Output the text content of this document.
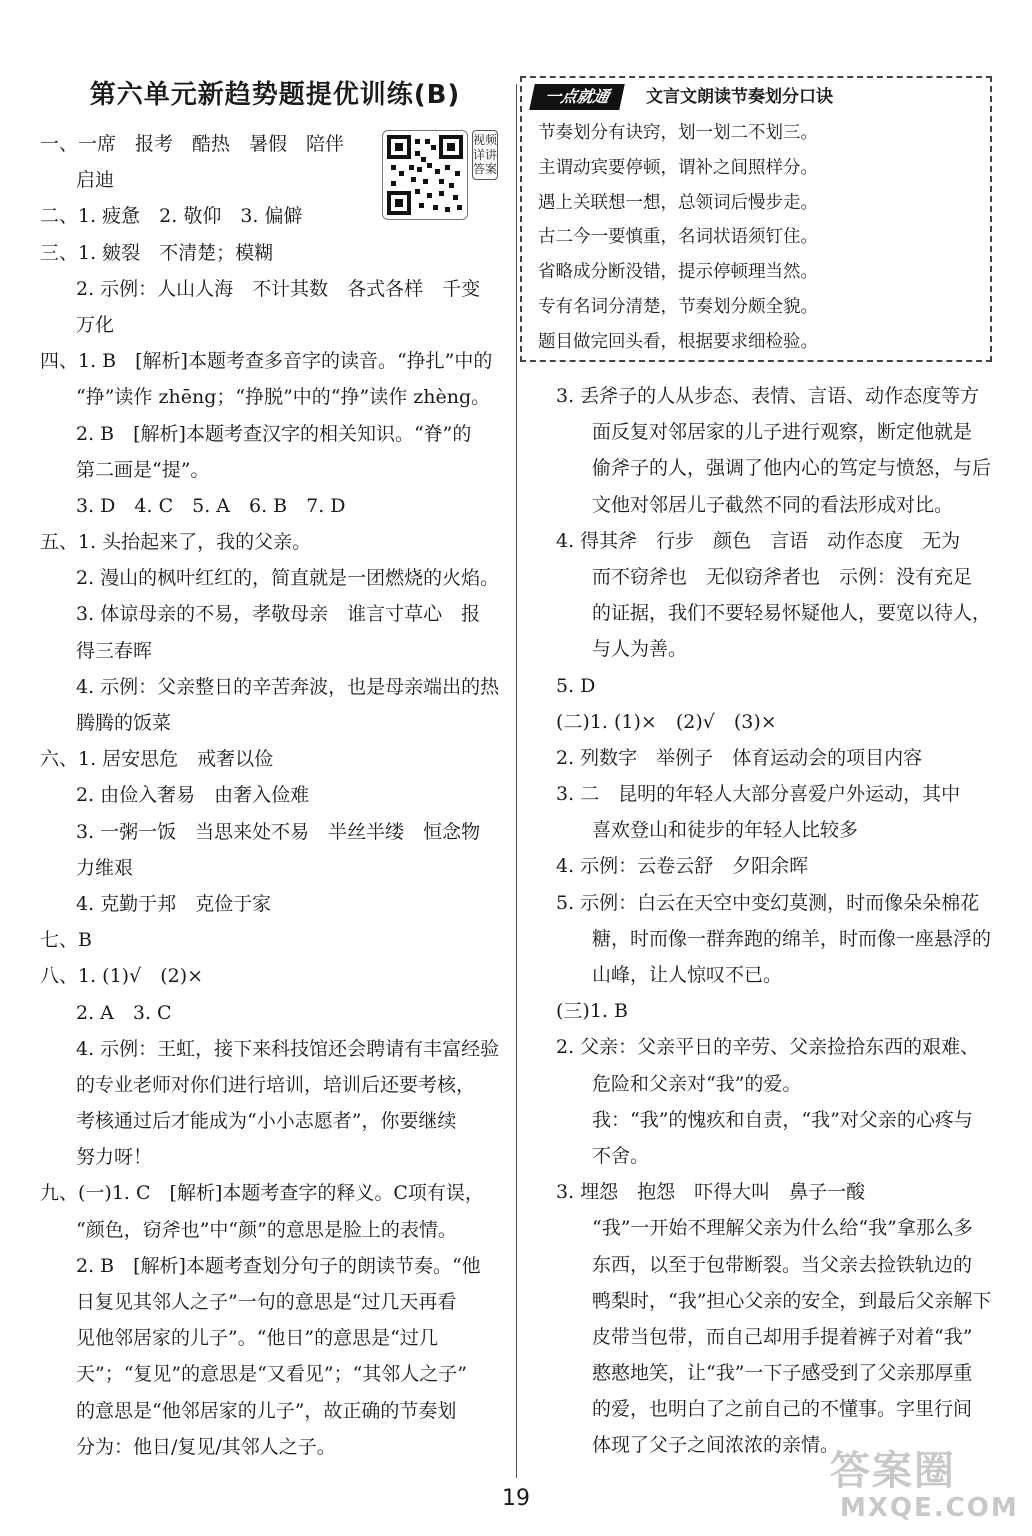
第六单元新趋势题提优训练(B)
视频详讲答案
一点就通	文言文朗读节奏划分口诀
节奏划分有诀窍，划一划二不划三。
主谓动宾要停顿，谓补之间照样分。
遇上关联想一想，总领词后慢步走。
古二今一要慎重，名词状语须钉住。
省略成分断没错，提示停顿理当然。
专有名词分清楚，节奏划分颇全貌。
题目做完回头看，根据要求细检验。
一、一席　报考　酷热　暑假　陪伴
启迪
二、1. 疲惫　2. 敬仰　3. 偏僻
三、1. 皴裂　不清楚；模糊
2. 示例：人山人海　不计其数　各式各样　千变
万化
四、1. B　[解析]本题考查多音字的读音。“挣扎”中的
“挣”读作 zhēng；“挣脱”中的“挣”读作 zhèng。
2. B　[解析]本题考查汉字的相关知识。“脊”的
第二画是“提”。
3. D　4. C　5. A　6. B　7. D
五、1. 头抬起来了，我的父亲。
2. 漫山的枫叶红红的，简直就是一团燃烧的火焰。
3. 体谅母亲的不易，孝敬母亲　谁言寸草心　报
得三春晖
4. 示例：父亲整日的辛苦奔波，也是母亲端出的热
腾腾的饭菜
六、1. 居安思危　戒奢以俭
2. 由俭入奢易　由奢入俭难
3. 一粥一饭　当思来处不易　半丝半缕　恒念物
力维艰
4. 克勤于邦　克俭于家
七、B
八、1. (1)√　(2)×
2. A　3. C
4. 示例：王虹，接下来科技馆还会聘请有丰富经验
的专业老师对你们进行培训，培训后还要考核，
考核通过后才能成为“小小志愿者”，你要继续
努力呀！
九、(一)1. C　[解析]本题考查字的释义。C项有误，
“颜色，窃斧也”中“颜”的意思是脸上的表情。
2. B　[解析]本题考查划分句子的朗读节奏。“他
日复见其邻人之子”一句的意思是“过几天再看
见他邻居家的儿子”。“他日”的意思是“过几
天”；“复见”的意思是“又看见”；“其邻人之子”
的意思是“他邻居家的儿子”，故正确的节奏划
分为：他日/复见/其邻人之子。
3. 丢斧子的人从步态、表情、言语、动作态度等方
面反复对邻居家的儿子进行观察，断定他就是
偷斧子的人，强调了他内心的笃定与愤怒，与后
文他对邻居儿子截然不同的看法形成对比。
4. 得其斧　行步　颜色　言语　动作态度　无为
而不窃斧也　无似窃斧者也　示例：没有充足
的证据，我们不要轻易怀疑他人，要宽以待人，
与人为善。
5. D
(二)1. (1)×　(2)√　(3)×
2. 列数字　举例子　体育运动会的项目内容
3. 二　昆明的年轻人大部分喜爱户外运动，其中
喜欢登山和徒步的年轻人比较多
4. 示例：云卷云舒　夕阳余晖
5. 示例：白云在天空中变幻莫测，时而像朵朵棉花
糖，时而像一群奔跑的绵羊，时而像一座悬浮的
山峰，让人惊叹不已。
(三)1. B
2. 父亲：父亲平日的辛劳、父亲捡拾东西的艰难、
危险和父亲对“我”的爱。
我：“我”的愧疚和自责，“我”对父亲的心疼与
不舍。
3. 埋怨　抱怨　吓得大叫　鼻子一酸
“我”一开始不理解父亲为什么给“我”拿那么多
东西，以至于包带断裂。当父亲去捡铁轨边的
鸭梨时，“我”担心父亲的安全，到最后父亲解下
皮带当包带，而自己却用手提着裤子对着“我”
憨憨地笑，让“我”一下子感受到了父亲那厚重
的爱，也明白了之前自己的不懂事。字里行间
体现了父子之间浓浓的亲情。
19
答案圈
MXQE.COM
